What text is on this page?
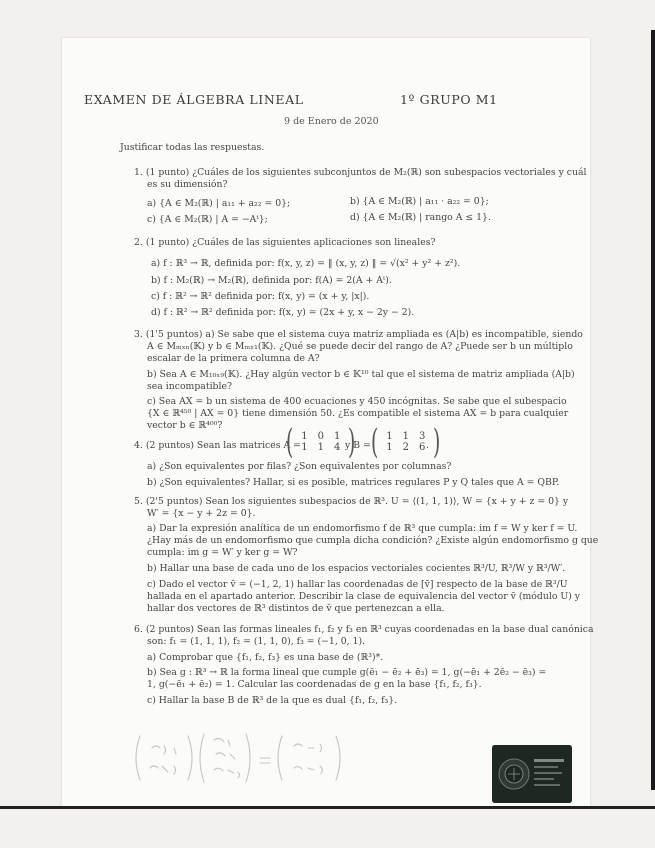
EXAMEN DE ÁLGEBRA LINEAL	1º GRUPO M1
9 de Enero de 2020
Justificar todas las respuestas.
1. (1 punto) ¿Cuáles de los siguientes subconjuntos de M₂(ℝ) son subespacios vectoriales y cuál
es su dimensión?
a) {A ∈ M₂(ℝ) | a₁₁ + a₂₂ = 0};	b) {A ∈ M₂(ℝ) | a₁₁ · a₂₂ = 0};
c) {A ∈ M₂(ℝ) | A = −Aᵗ};	d) {A ∈ M₂(ℝ) | rango A ≤ 1}.
2. (1 punto) ¿Cuáles de las siguientes aplicaciones son lineales?
a) f : ℝ³ → ℝ, definida por: f(x, y, z) = ‖ (x, y, z) ‖ = √(x² + y² + z²).
b) f : M₂(ℝ) → M₂(ℝ), definida por: f(A) = 2(A + Aᵗ).
c) f : ℝ² → ℝ² definida por: f(x, y) = (x + y, |x|).
d) f : ℝ² → ℝ² definida por: f(x, y) = (2x + y, x − 2y − 2).
3. (1'5 puntos) a) Se sabe que el sistema cuya matriz ampliada es (A|b) es incompatible, siendo
A ∈ Mₘₓₙ(𝕂) y b ∈ Mₘₓ₁(𝕂). ¿Qué se puede decir del rango de A? ¿Puede ser b un múltiplo
escalar de la primera columna de A?
b) Sea A ∈ M₁₀ₓ₉(𝕂). ¿Hay algún vector b ∈ 𝕂¹⁰ tal que el sistema de matriz ampliada (A|b)
sea incompatible?
c) Sea AX = b un sistema de 400 ecuaciones y 450 incógnitas. Se sabe que el subespacio
{X ∈ ℝ⁴⁵⁰ | AX = 0} tiene dimensión 50. ¿Es compatible el sistema AX = b para cualquier
vector b ∈ ℝ⁴⁰⁰?
4. (2 puntos) Sean las matrices A =
( 1	0	1
1	1	4 )
y B = ( 1	1	3
1	2	6 )
.
a) ¿Son equivalentes por filas? ¿Son equivalentes por columnas?
b) ¿Son equivalentes? Hallar, si es posible, matrices regulares P y Q tales que A = QBP.
5. (2'5 puntos) Sean los siguientes subespacios de ℝ³. U = ⟨(1, 1, 1)⟩, W = {x + y + z = 0} y
W′ = {x − y + 2z = 0}.
a) Dar la expresión analítica de un endomorfismo f de ℝ³ que cumpla: im f = W y ker f = U.
¿Hay más de un endomorfismo que cumpla dicha condición? ¿Existe algún endomorfismo g que
cumpla: im g = W′ y ker g = W?
b) Hallar una base de cada uno de los espacios vectoriales cocientes ℝ³/U, ℝ³/W y ℝ³/W′.
c) Dado el vector v̄ = (−1, 2, 1) hallar las coordenadas de [v̄] respecto de la base de ℝ³/U
hallada en el apartado anterior. Describir la clase de equivalencia del vector v̄ (módulo U) y
hallar dos vectores de ℝ³ distintos de v̄ que pertenezcan a ella.
6. (2 puntos) Sean las formas lineales f₁, f₂ y f₃ en ℝ³ cuyas coordenadas en la base dual canónica
son: f₁ = (1, 1, 1), f₂ = (1, 1, 0), f₃ = (−1, 0, 1).
a) Comprobar que {f₁, f₂, f₃} es una base de (ℝ³)*.
b) Sea g : ℝ³ → ℝ la forma lineal que cumple g(ē₁ − ē₂ + ē₃) = 1, g(−ē₁ + 2ē₂ − ē₃) =
1, g(−ē₁ + ē₂) = 1. Calcular las coordenadas de g en la base {f₁, f₂, f₃}.
c) Hallar la base B de ℝ³ de la que es dual {f₁, f₂, f₃}.
